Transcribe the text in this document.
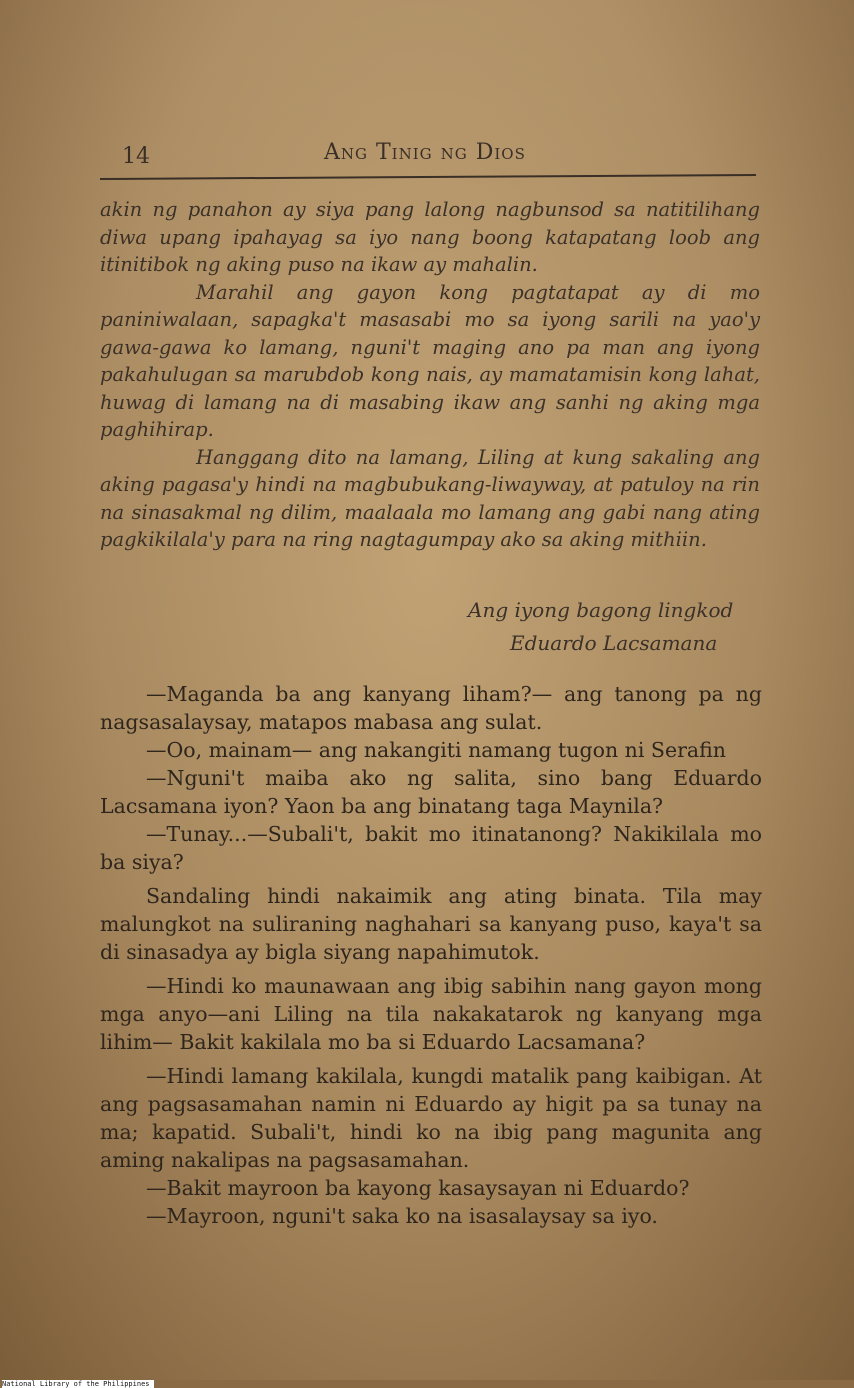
14	Ang Tinig ng Dios

akin ng panahon ay siya pang lalong nagbunsod sa natitilihang diwa upang ipahayag sa iyo nang boong katapatang loob ang itinitibok ng aking puso na ikaw ay mahalin.

Marahil ang gayon kong pagtatapat ay di mo paniniwalaan, sapagka't masasabi mo sa iyong sarili na yao'y gawa-gawa ko lamang, nguni't maging ano pa man ang iyong pakahulugan sa marubdob kong nais, ay mamatamisin kong lahat, huwag di lamang na di masabing ikaw ang sanhi ng aking mga paghihirap.

Hanggang dito na lamang, Liling at kung sakaling ang aking pagasa'y hindi na magbubukang-liwayway, at patuloy na rin na sinasakmal ng dilim, maalaala mo lamang ang gabi nang ating pagkikilala'y para na ring nagtagumpay ako sa aking mithiin.

Ang iyong bagong lingkod
Eduardo Lacsamana

—Maganda ba ang kanyang liham?— ang tanong pa ng nagsasalaysay, matapos mabasa ang sulat.

—Oo, mainam— ang nakangiti namang tugon ni Serafin

—Nguni't maiba ako ng salita, sino bang Eduardo Lacsamana iyon? Yaon ba ang binatang taga Maynila?

—Tunay...—Subali't, bakit mo itinatanong? Nakikilala mo ba siya?

Sandaling hindi nakaimik ang ating binata. Tila may malungkot na suliraning naghahari sa kanyang puso, kaya't sa di sinasadya ay bigla siyang napahimutok.

—Hindi ko maunawaan ang ibig sabihin nang gayon mong mga anyo—ani Liling na tila nakakatarok ng kanyang mga lihim— Bakit kakilala mo ba si Eduardo Lacsamana?

—Hindi lamang kakilala, kungdi matalik pang kaibigan. At ang pagsasamahan namin ni Eduardo ay higit pa sa tunay na ma; kapatid. Subali't, hindi ko na ibig pang magunita ang aming nakalipas na pagsasamahan.

—Bakit mayroon ba kayong kasaysayan ni Eduardo?

—Mayroon, nguni't saka ko na isasalaysay sa iyo.

National Library of the Philippines
